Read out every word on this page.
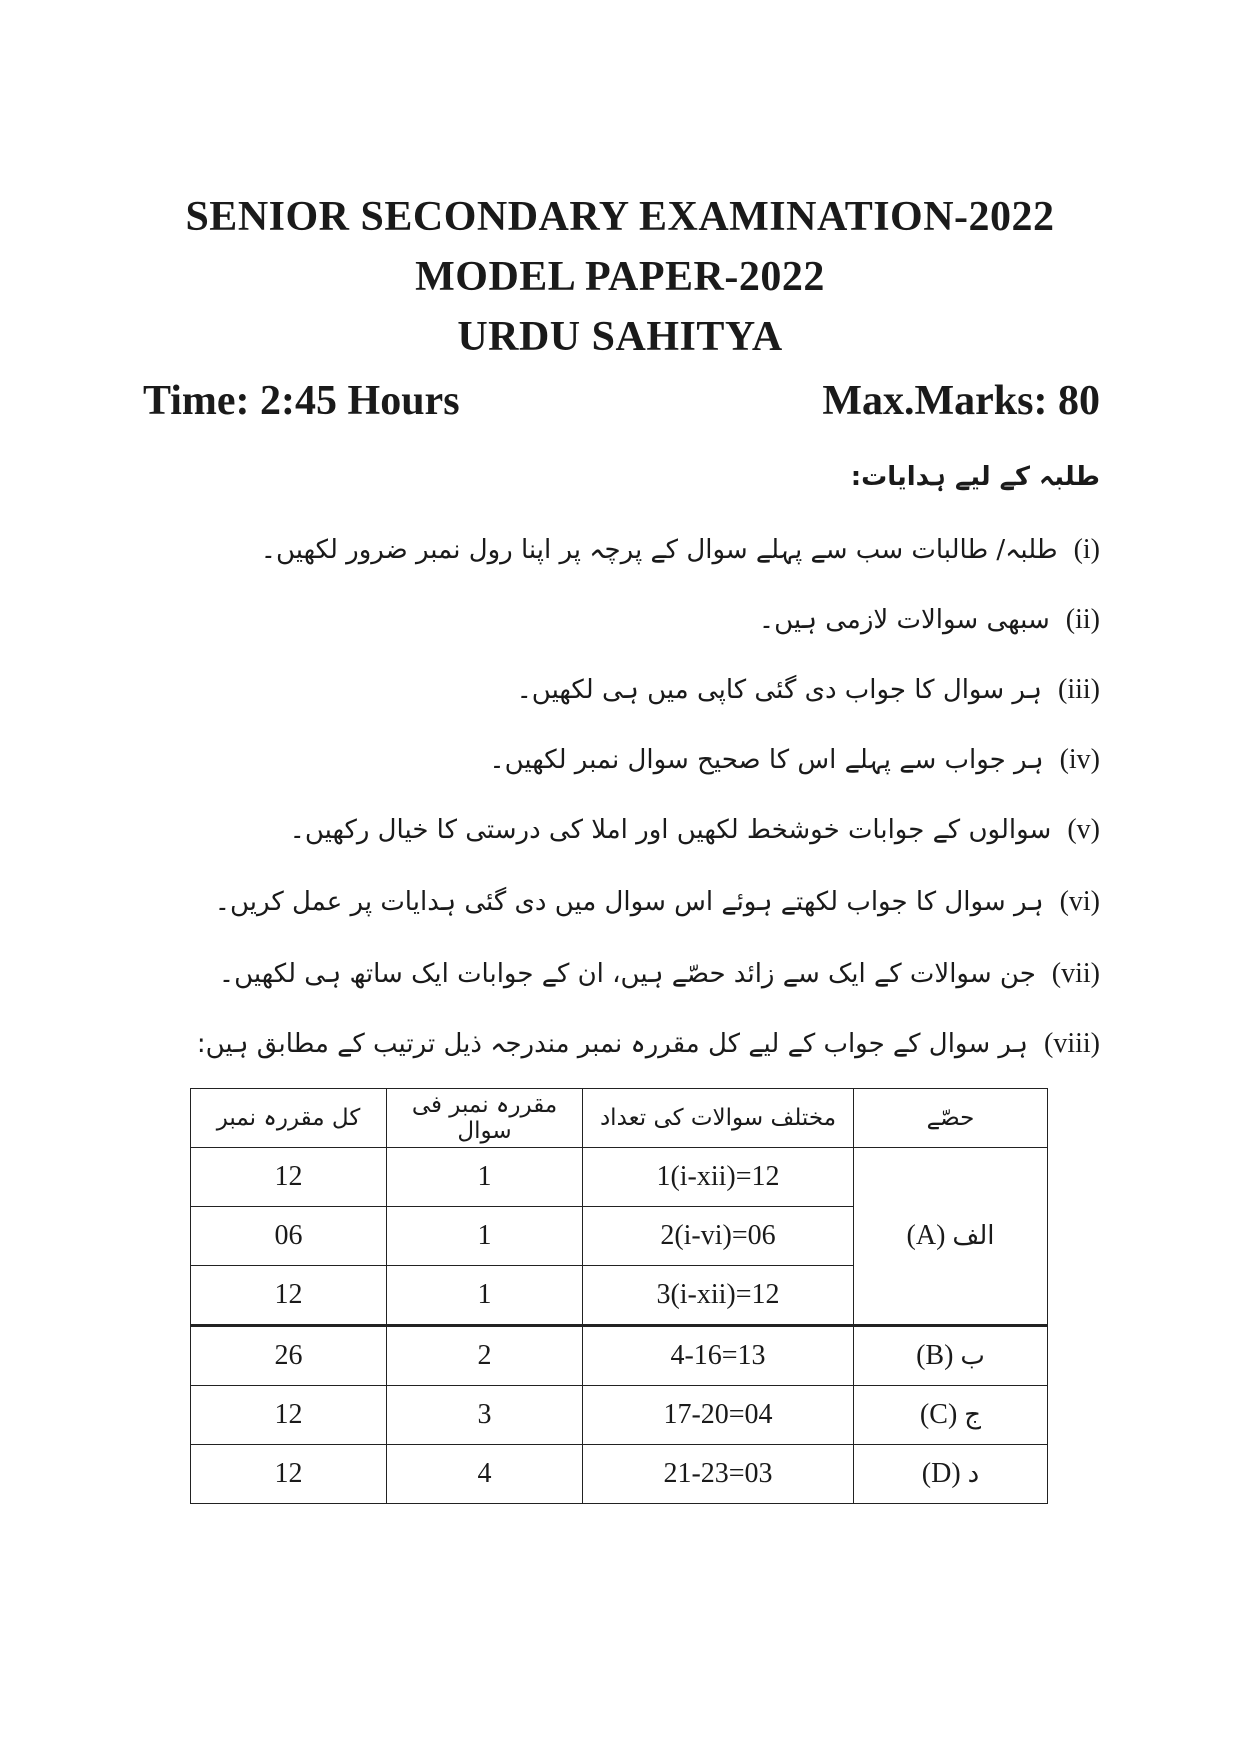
SENIOR SECONDARY EXAMINATION-2022
MODEL PAPER-2022
URDU SAHITYA
Time: 2:45 Hours	Max.Marks: 80
طلبہ کے لیے ہدایات:
(i)
طلبہ/ طالبات سب سے پہلے سوال کے پرچہ پر اپنا رول نمبر ضرور لکھیں۔
(ii)
سبھی سوالات لازمی ہیں۔
(iii)
ہر سوال کا جواب دی گئی کاپی میں ہی لکھیں۔
(iv)
ہر جواب سے پہلے اس کا صحیح سوال نمبر لکھیں۔
(v)
سوالوں کے جوابات خوشخط لکھیں اور املا کی درستی کا خیال رکھیں۔
(vi)
ہر سوال کا جواب لکھتے ہوئے اس سوال میں دی گئی ہدایات پر عمل کریں۔
(vii)
جن سوالات کے ایک سے زائد حصّے ہیں، ان کے جوابات ایک ساتھ ہی لکھیں۔
(viii)
ہر سوال کے جواب کے لیے کل مقررہ نمبر مندرجہ ذیل ترتیب کے مطابق ہیں:
کل مقررہ نمبر	مقررہ نمبر فی سوال	مختلف سوالات کی تعداد	حصّے
12	1	1(i-xii)=12	الف (A)
06	1	2(i-vi)=06	
12	1	3(i-xii)=12	
26	2	4-16=13	ب (B)
12	3	17-20=04	ج (C)
12	4	21-23=03	د (D)
